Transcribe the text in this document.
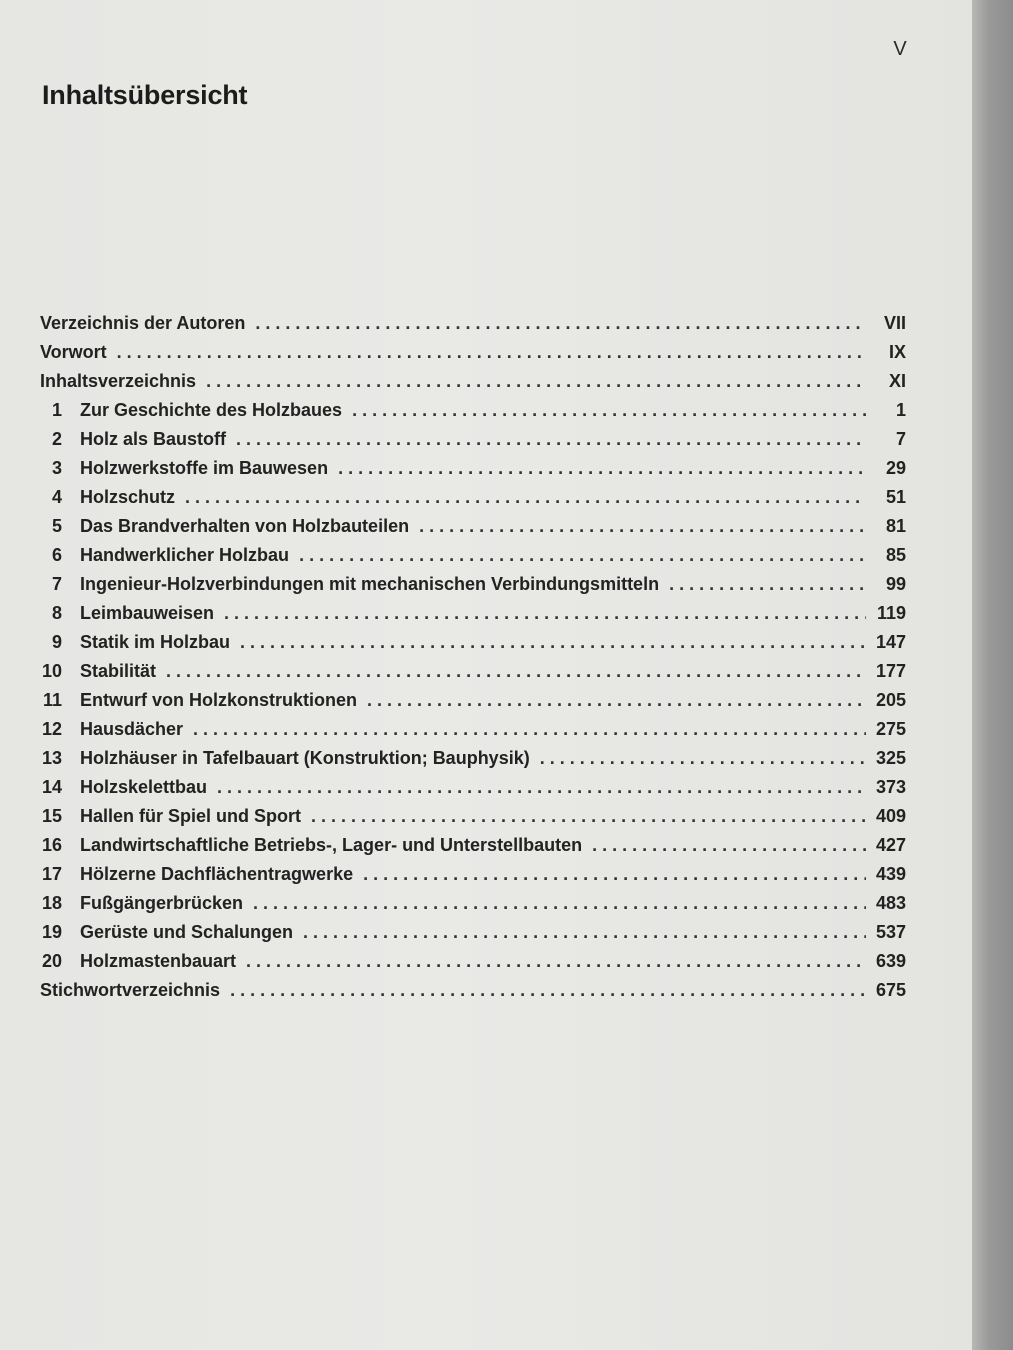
V
Inhaltsübersicht
Verzeichnis der Autoren . . .	VII
Vorwort . . .	IX
Inhaltsverzeichnis . . .	XI
1 Zur Geschichte des Holzbaues . . .	1
2 Holz als Baustoff . . .	7
3 Holzwerkstoffe im Bauwesen . . .	29
4 Holzschutz . . .	51
5 Das Brandverhalten von Holzbauteilen . . .	81
6 Handwerklicher Holzbau . . .	85
7 Ingenieur-Holzverbindungen mit mechanischen Verbindungsmitteln . . .	99
8 Leimbauweisen . . .	119
9 Statik im Holzbau . . .	147
10 Stabilität . . .	177
11 Entwurf von Holzkonstruktionen . . .	205
12 Hausdächer . . .	275
13 Holzhäuser in Tafelbauart (Konstruktion; Bauphysik) . . .	325
14 Holzskelettbau . . .	373
15 Hallen für Spiel und Sport . . .	409
16 Landwirtschaftliche Betriebs-, Lager- und Unterstellbauten . . .	427
17 Hölzerne Dachflächentragwerke . . .	439
18 Fußgängerbrücken . . .	483
19 Gerüste und Schalungen . . .	537
20 Holzmastenbauart . . .	639
Stichwortverzeichnis . . .	675
